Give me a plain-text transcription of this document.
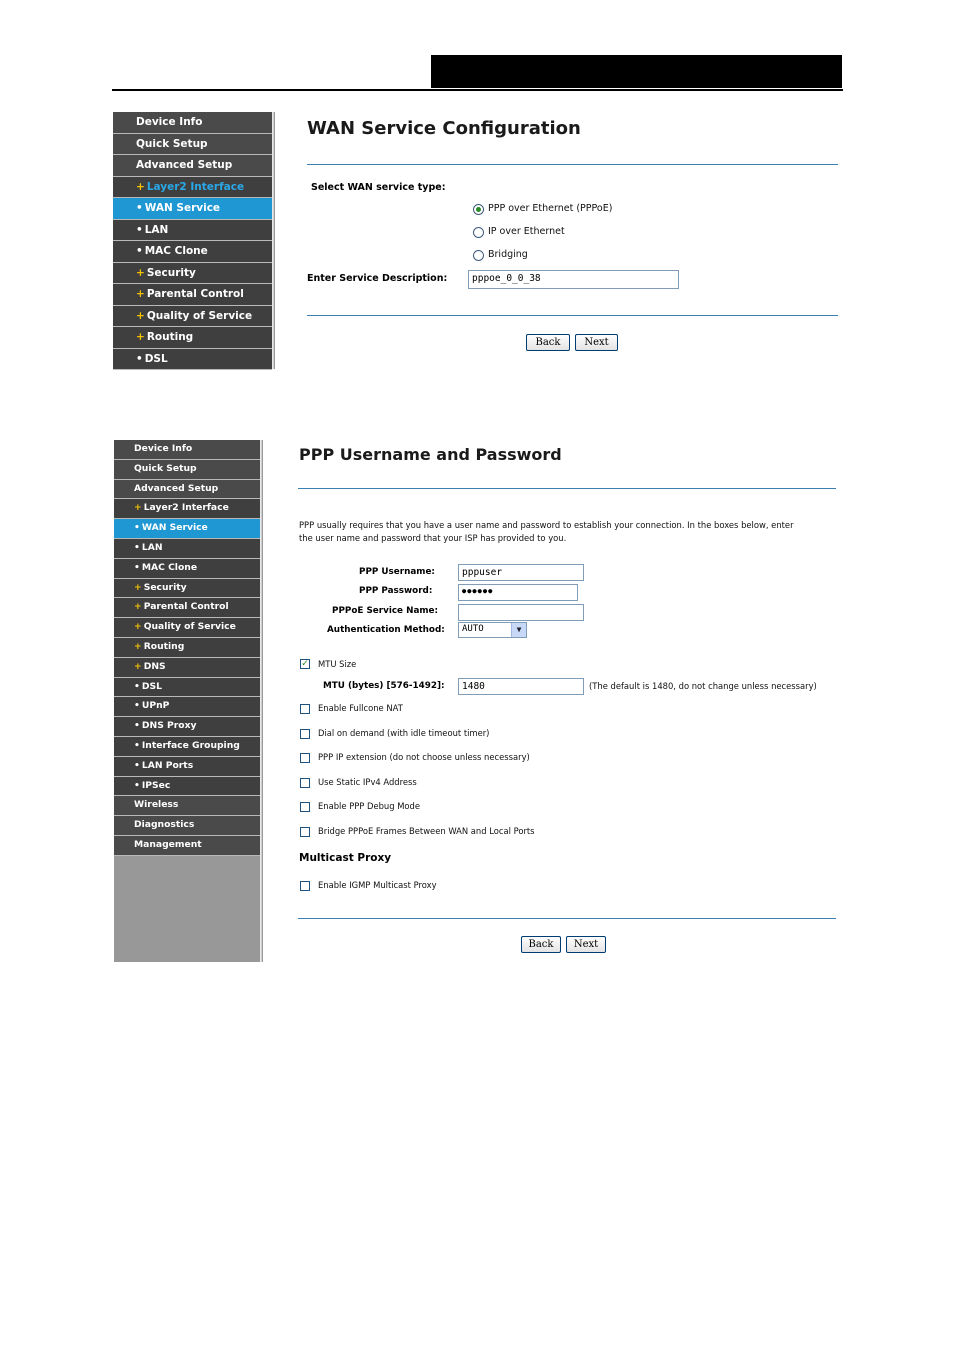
Device Info
Quick Setup
Advanced Setup
+ Layer2 Interface
• WAN Service
• LAN
• MAC Clone
+ Security
+ Parental Control
+ Quality of Service
+ Routing
• DSL
WAN Service Configuration
Select WAN service type:
PPP over Ethernet (PPPoE)
IP over Ethernet
Bridging
Enter Service Description:	pppoe_0_0_38
Back	Next
Device Info
Quick Setup
Advanced Setup
+ Layer2 Interface
• WAN Service
• LAN
• MAC Clone
+ Security
+ Parental Control
+ Quality of Service
+ Routing
+ DNS
• DSL
• UPnP
• DNS Proxy
• Interface Grouping
• LAN Ports
• IPSec
Wireless
Diagnostics
Management
PPP Username and Password
PPP usually requires that you have a user name and password to establish your connection. In the boxes below, enter
the user name and password that your ISP has provided to you.
PPP Username:	pppuser
PPP Password:	●●●●●●
PPPoE Service Name:
Authentication Method:	AUTO	▼
✓ MTU Size
MTU (bytes) [576-1492]:	1480	(The default is 1480, do not change unless necessary)
Enable Fullcone NAT
Dial on demand (with idle timeout timer)
PPP IP extension (do not choose unless necessary)
Use Static IPv4 Address
Enable PPP Debug Mode
Bridge PPPoE Frames Between WAN and Local Ports
Multicast Proxy
Enable IGMP Multicast Proxy
Back	Next
